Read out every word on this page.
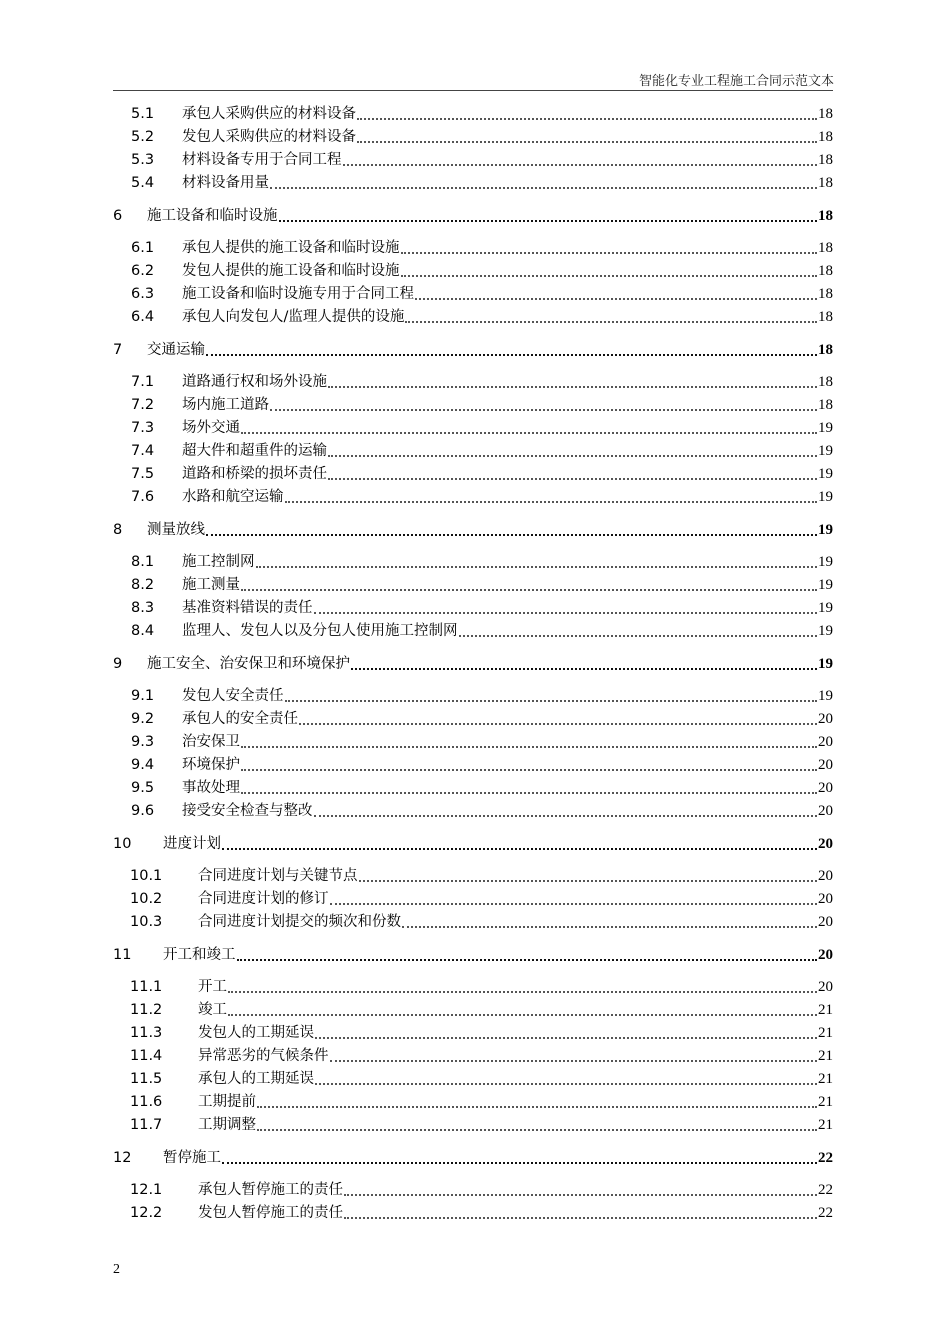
智能化专业工程施工合同示范文本
5.1	承包人采购供应的材料设备	18
5.2	发包人采购供应的材料设备	18
5.3	材料设备专用于合同工程	18
5.4	材料设备用量	18
6	施工设备和临时设施	18
6.1	承包人提供的施工设备和临时设施	18
6.2	发包人提供的施工设备和临时设施	18
6.3	施工设备和临时设施专用于合同工程	18
6.4	承包人向发包人/监理人提供的设施	18
7	交通运输	18
7.1	道路通行权和场外设施	18
7.2	场内施工道路	18
7.3	场外交通	19
7.4	超大件和超重件的运输	19
7.5	道路和桥梁的损坏责任	19
7.6	水路和航空运输	19
8	测量放线	19
8.1	施工控制网	19
8.2	施工测量	19
8.3	基准资料错误的责任	19
8.4	监理人、发包人以及分包人使用施工控制网	19
9	施工安全、治安保卫和环境保护	19
9.1	发包人安全责任	19
9.2	承包人的安全责任	20
9.3	治安保卫	20
9.4	环境保护	20
9.5	事故处理	20
9.6	接受安全检查与整改	20
10	进度计划	20
10.1	合同进度计划与关键节点	20
10.2	合同进度计划的修订	20
10.3	合同进度计划提交的频次和份数	20
11	开工和竣工	20
11.1	开工	20
11.2	竣工	21
11.3	发包人的工期延误	21
11.4	异常恶劣的气候条件	21
11.5	承包人的工期延误	21
11.6	工期提前	21
11.7	工期调整	21
12	暂停施工	22
12.1	承包人暂停施工的责任	22
12.2	发包人暂停施工的责任	22
2
